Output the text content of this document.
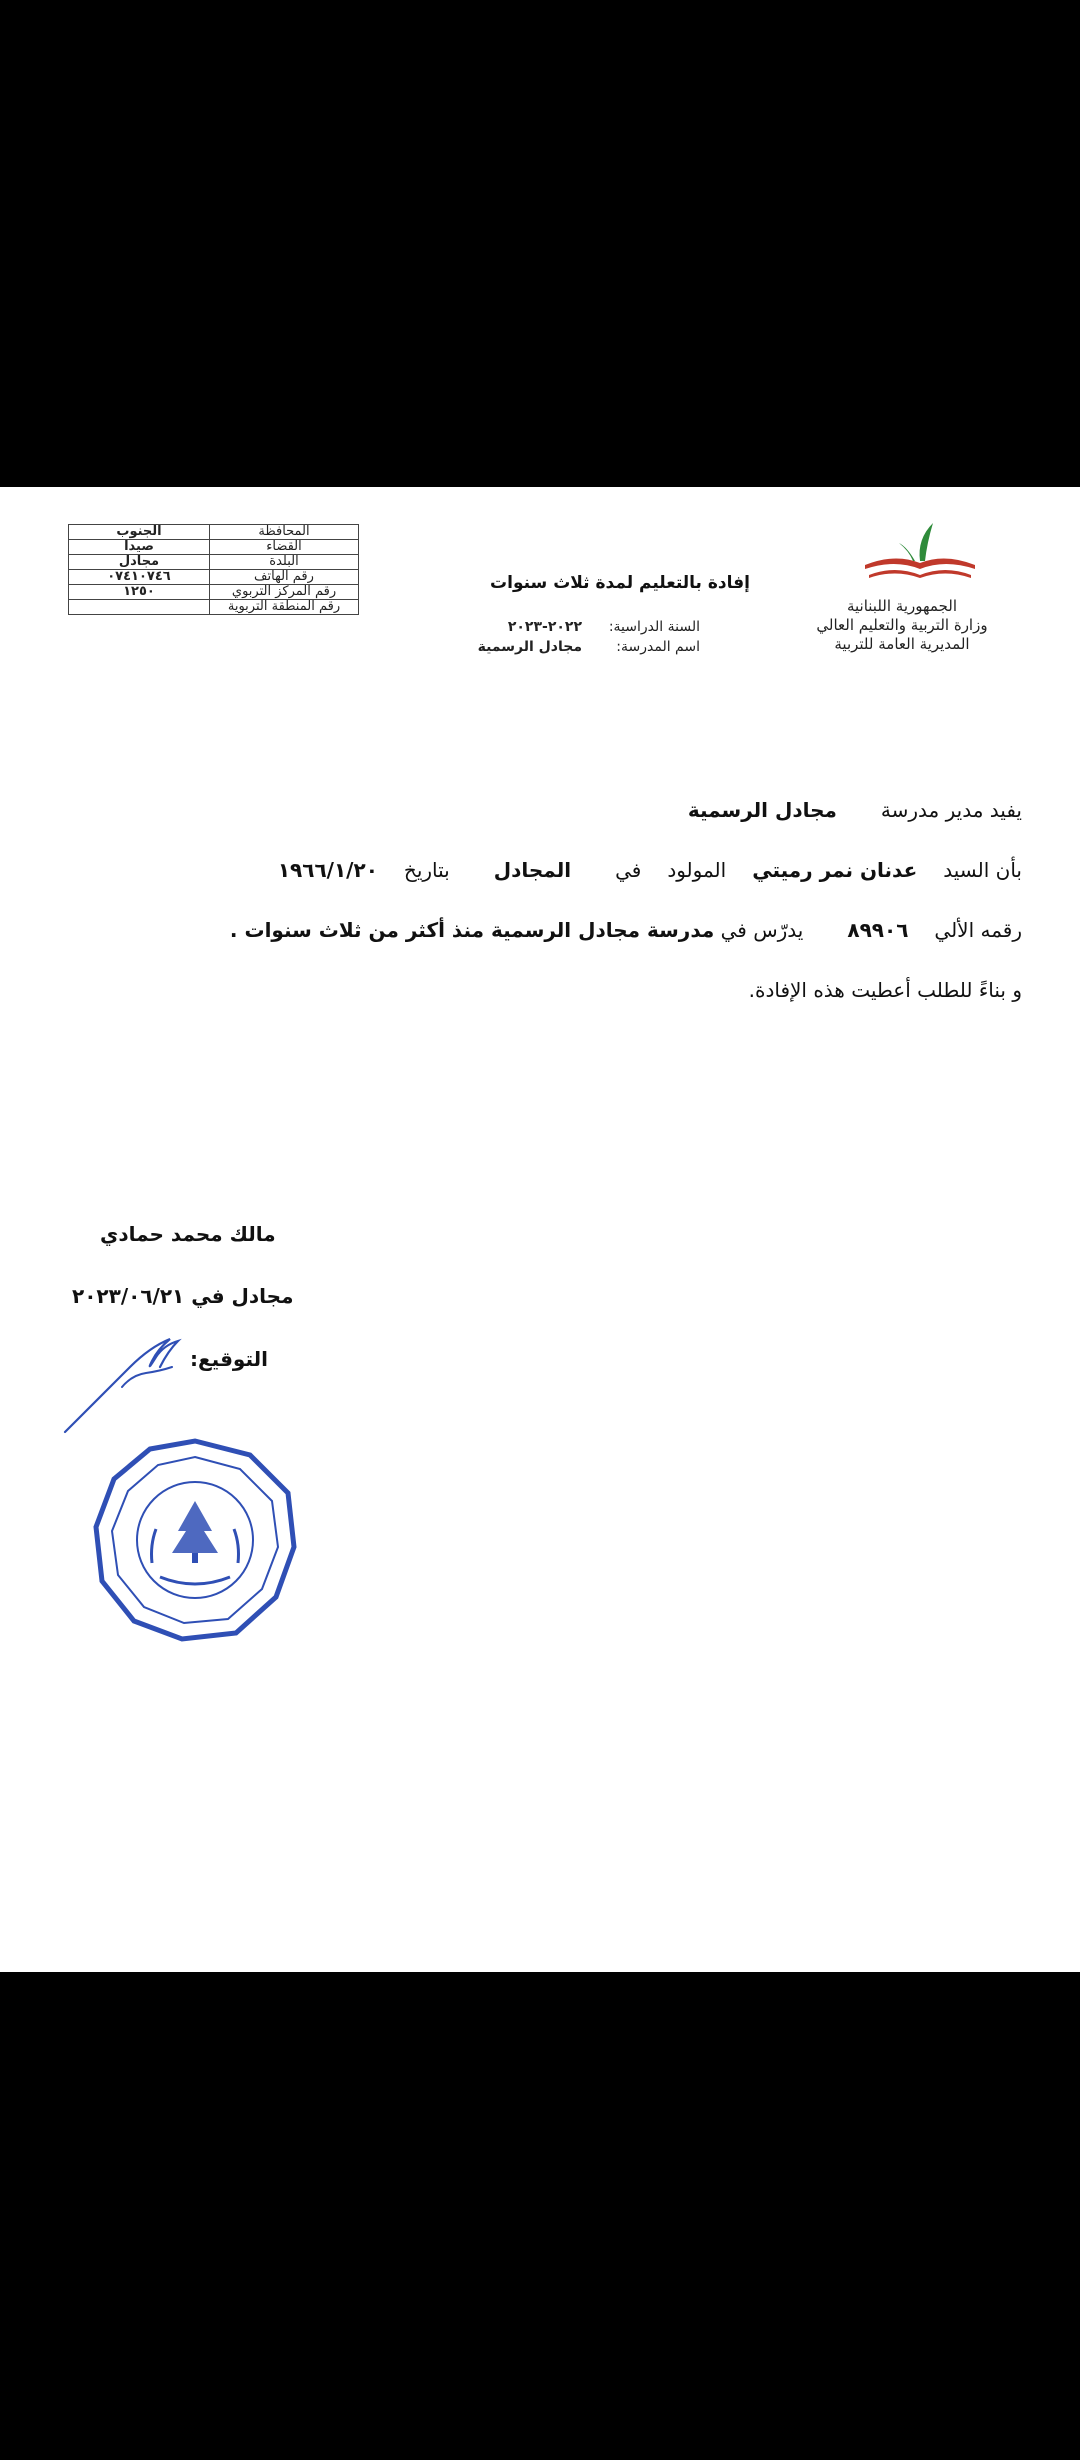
الجمهورية اللبنانية
وزارة التربية والتعليم العالي
المديرية العامة للتربية
إفادة بالتعليم لمدة ثلاث سنوات
السنة الدراسية:
٢٠٢٢-٢٠٢٣
اسم المدرسة:
مجادل الرسمية
المحافظة	الجنوب
القضاء	صيدا
البلدة	مجادل
رقم الهاتف	٠٧٤١٠٧٤٦
رقم المركز التربوي	١٢٥٠
رقم المنطقة التربوية	

يفيد مدير مدرسةمجادل الرسمية

بأن السيدعدنان نمر رميتيالمولودفيالمجادلبتاريخ١٩٦٦/١/٢٠

رقمه الألي٨٩٩٠٦يدرّس في مدرسة مجادل الرسمية منذ أكثر من ثلاث سنوات .

و بناءً للطلب أعطيت هذه الإفادة.

مالك محمد حمادي
مجادل في ٢٠٢٣/٠٦/٢١
التوقيع:
